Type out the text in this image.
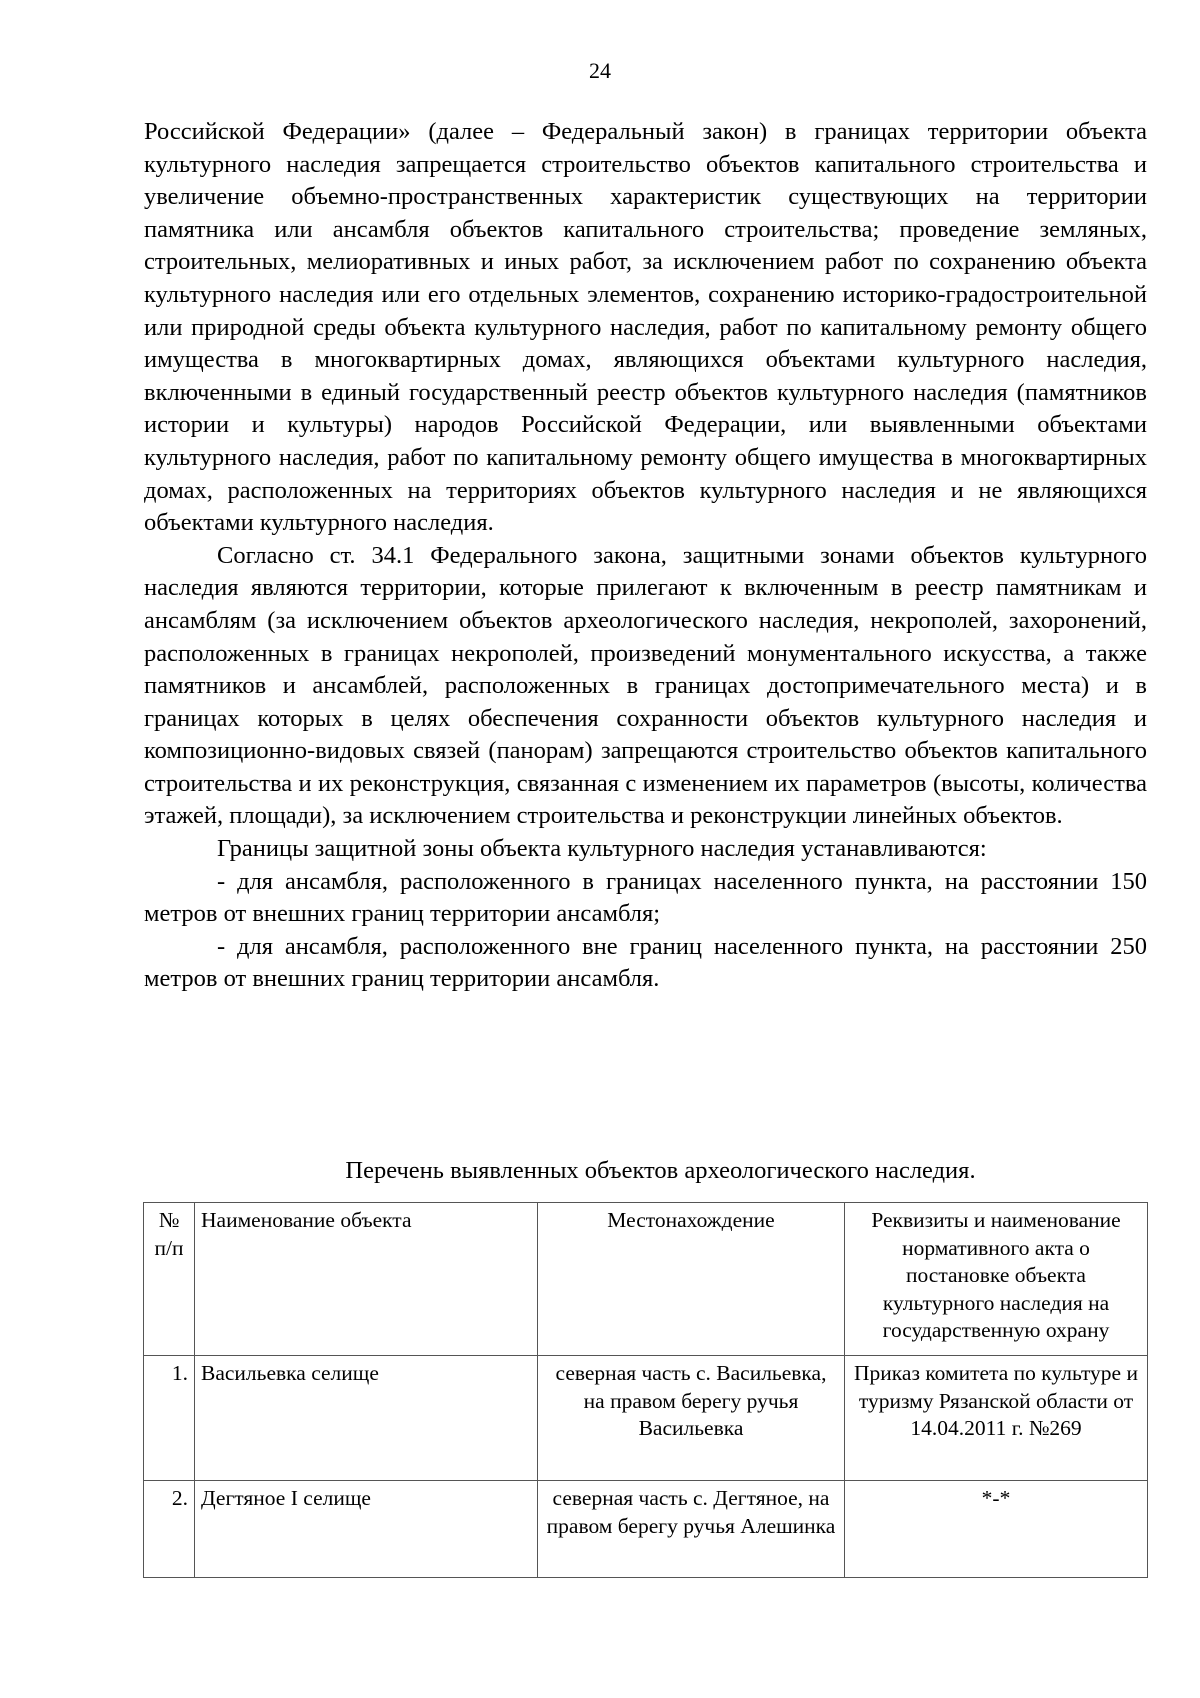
24

Российской Федерации» (далее – Федеральный закон) в границах территории объекта культурного наследия запрещается строительство объектов капитального строительства и увеличение объемно-пространственных характеристик существующих на территории памятника или ансамбля объектов капитального строительства; проведение земляных, строительных, мелиоративных и иных работ, за исключением работ по сохранению объекта культурного наследия или его отдельных элементов, сохранению историко-градостроительной или природной среды объекта культурного наследия, работ по капитальному ремонту общего имущества в многоквартирных домах, являющихся объектами культурного наследия, включенными в единый государственный реестр объектов культурного наследия (памятников истории и культуры) народов Российской Федерации, или выявленными объектами культурного наследия, работ по капитальному ремонту общего имущества в многоквартирных домах, расположенных на территориях объектов культурного наследия и не являющихся объектами культурного наследия.

Согласно ст. 34.1 Федерального закона, защитными зонами объектов культурного наследия являются территории, которые прилегают к включенным в реестр памятникам и ансамблям (за исключением объектов археологического наследия, некрополей, захоронений, расположенных в границах некрополей, произведений монументального искусства, а также памятников и ансамблей, расположенных в границах достопримечательного места) и в границах которых в целях обеспечения сохранности объектов культурного наследия и композиционно-видовых связей (панорам) запрещаются строительство объектов капитального строительства и их реконструкция, связанная с изменением их параметров (высоты, количества этажей, площади), за исключением строительства и реконструкции линейных объектов.

Границы защитной зоны объекта культурного наследия устанавливаются:

- для ансамбля, расположенного в границах населенного пункта, на расстоянии 150 метров от внешних границ территории ансамбля;

- для ансамбля, расположенного вне границ населенного пункта, на расстоянии 250 метров от внешних границ территории ансамбля.

Перечень выявленных объектов археологического наследия.
№ п/п	Наименование объекта	Местонахождение	Реквизиты и наименование нормативного акта о постановке объекта культурного наследия на государственную охрану
1.	Васильевка селище	северная часть с. Васильевка, на правом берегу ручья Васильевка	Приказ комитета по культуре и туризму Рязанской области от 14.04.2011 г. №269
2.	Дегтяное I селище	северная часть с. Дегтяное, на правом берегу ручья Алешинка	*-*
